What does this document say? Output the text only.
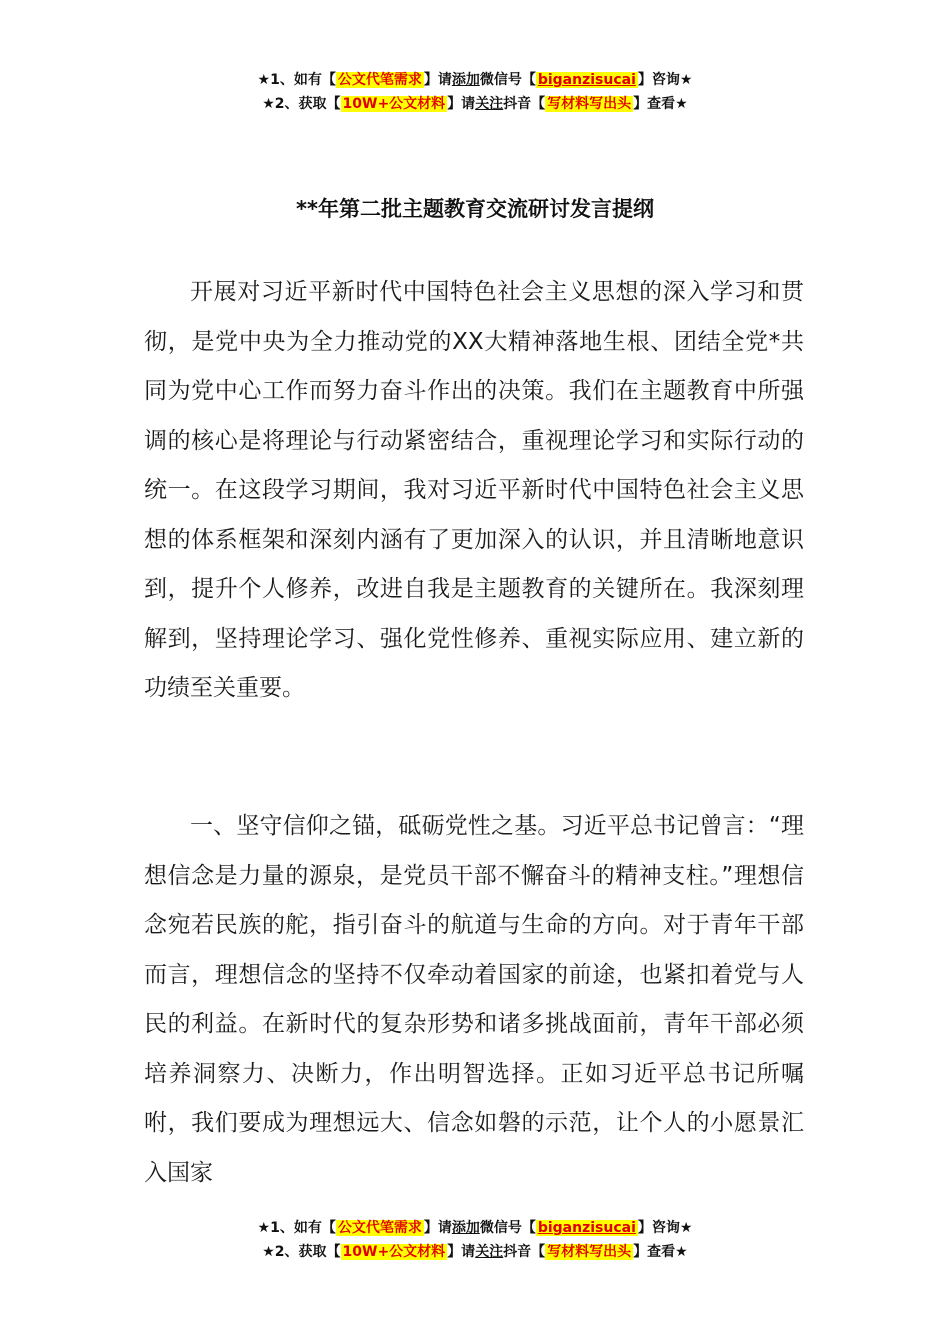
★1、如有【 公文代笔需求 】请添加微信号【 biganzisucai 】咨询★
★2、获取【 10W+公文材料 】请关注抖音【 写材料写出头 】查看★
**年第二批主题教育交流研讨发言提纲

开展对习近平新时代中国特色社会主义思想的深入学习和贯彻，是党中央为全力推动党的XX大精神落地生根、团结全党*共同为党中心工作而努力奋斗作出的决策。我们在主题教育中所强调的核心是将理论与行动紧密结合，重视理论学习和实际行动的统一。在这段学习期间，我对习近平新时代中国特色社会主义思想的体系框架和深刻内涵有了更加深入的认识，并且清晰地意识到，提升个人修养，改进自我是主题教育的关键所在。我深刻理解到，坚持理论学习、强化党性修养、重视实际应用、建立新的功绩至关重要。

一、坚守信仰之锚，砥砺党性之基。习近平总书记曾言：“理想信念是力量的源泉，是党员干部不懈奋斗的精神支柱。”理想信念宛若民族的舵，指引奋斗的航道与生命的方向。对于青年干部而言，理想信念的坚持不仅牵动着国家的前途，也紧扣着党与人民的利益。在新时代的复杂形势和诸多挑战面前，青年干部必须培养洞察力、决断力，作出明智选择。正如习近平总书记所嘱咐，我们要成为理想远大、信念如磐的示范，让个人的小愿景汇入国家

★1、如有【 公文代笔需求 】请添加微信号【 biganzisucai 】咨询★
★2、获取【 10W+公文材料 】请关注抖音【 写材料写出头 】查看★
